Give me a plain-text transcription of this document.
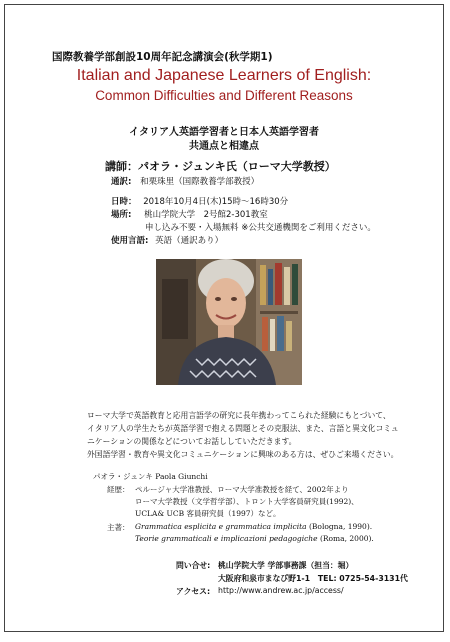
国際教養学部創設10周年記念講演会(秋学期1)
Italian and Japanese Learners of English:
Common Difficulties and Different Reasons
イタリア人英語学習者と日本人英語学習者
共通点と相違点
講師：パオラ・ジュンキ氏（ローマ大学教授）
通訳: 和栗珠里（国際教養学部教授）
日時： 2018年10月4日(木)15時～16時30分
場所: 桃山学院大学　2号館2-301教室
申し込み不要・入場無料 ※公共交通機関をご利用ください。
使用言語: 英語（通訳あり）
ローマ大学で英語教育と応用言語学の研究に長年携わってこられた経験にもとづいて、
イタリア人の学生たちが英語学習で抱える問題とその克服法、また、言語と異文化コミュ
ニケーションの関係などについてお話ししていただきます。
外国語学習・教育や異文化コミュニケーションに興味のある方は、ぜひご来場ください。
パオラ・ジュンキ Paola Giunchi
経歴： ペルージャ大学准教授、ローマ大学准教授を経て、2002年より
ローマ大学教授（文学哲学部）、トロント大学客員研究員(1992)、
UCLA& UCB 客員研究員（1997）など。
主著： Grammatica esplicita e grammatica implicita (Bologna, 1990).
Teorie grammaticali e implicazioni pedagogiche (Roma, 2000).
問い合せ: 桃山学院大学 学部事務課（担当：堀）
大阪府和泉市まなび野1-1　TEL: 0725-54-3131代
アクセス: http://www.andrew.ac.jp/access/
